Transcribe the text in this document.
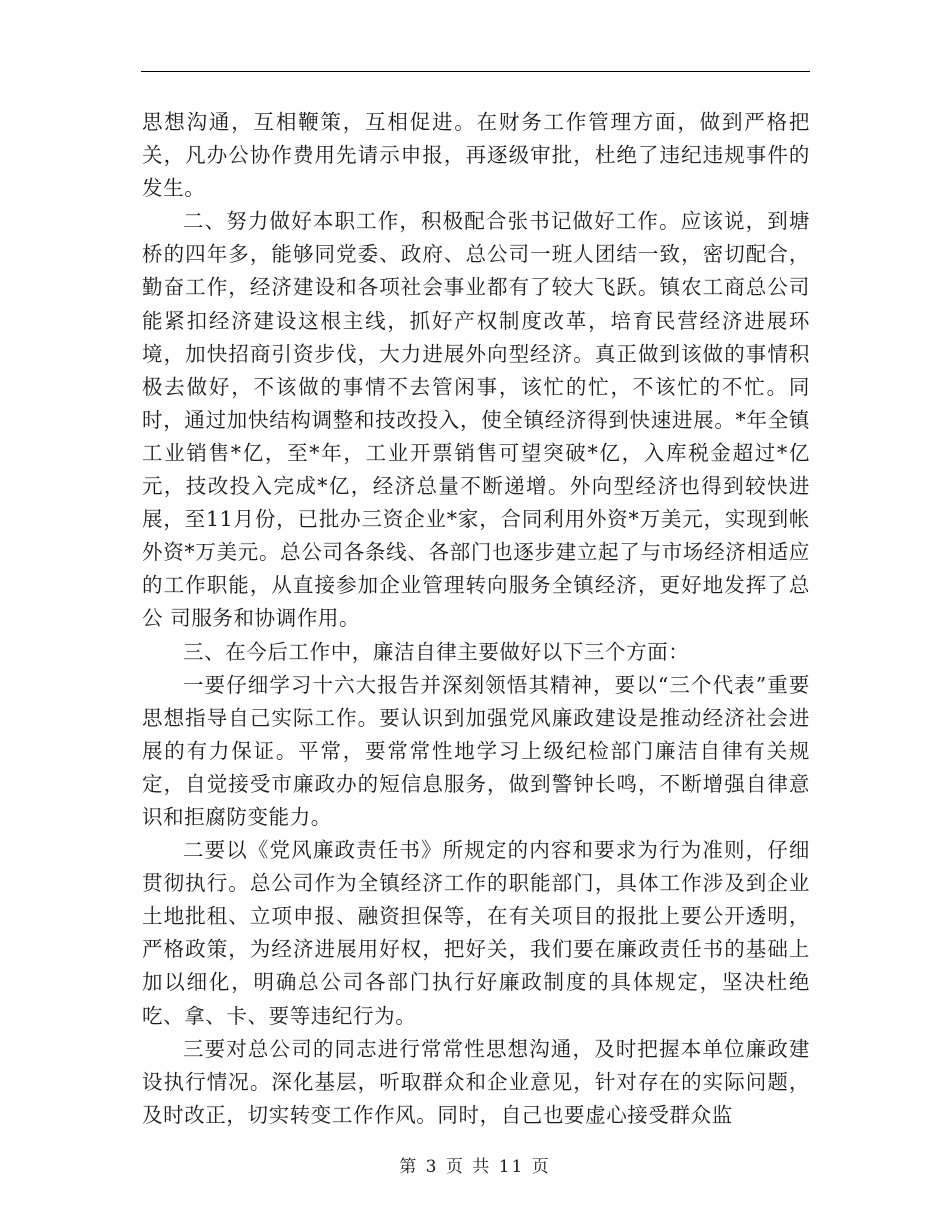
思想沟通，互相鞭策，互相促进。在财务工作管理方面，做到严格把关，凡办公协作费用先请示申报，再逐级审批，杜绝了违纪违规事件的发生。

二、努力做好本职工作，积极配合张书记做好工作。应该说，到塘桥的四年多，能够同党委、政府、总公司一班人团结一致，密切配合，勤奋工作，经济建设和各项社会事业都有了较大飞跃。镇农工商总公司能紧扣经济建设这根主线，抓好产权制度改革，培育民营经济进展环境，加快招商引资步伐，大力进展外向型经济。真正做到该做的事情积极去做好，不该做的事情不去管闲事，该忙的忙，不该忙的不忙。同时，通过加快结构调整和技改投入，使全镇经济得到快速进展。*年全镇工业销售*亿，至*年，工业开票销售可望突破*亿，入库税金超过*亿元，技改投入完成*亿，经济总量不断递增。外向型经济也得到较快进展，至11月份，已批办三资企业*家，合同利用外资*万美元，实现到帐外资*万美元。总公司各条线、各部门也逐步建立起了与市场经济相适应的工作职能，从直接参加企业管理转向服务全镇经济，更好地发挥了总公 司服务和协调作用。

三、在今后工作中，廉洁自律主要做好以下三个方面：

一要仔细学习十六大报告并深刻领悟其精神，要以“三个代表”重要思想指导自己实际工作。要认识到加强党风廉政建设是推动经济社会进展的有力保证。平常，要常常性地学习上级纪检部门廉洁自律有关规定，自觉接受市廉政办的短信息服务，做到警钟长鸣，不断增强自律意识和拒腐防变能力。

二要以《党风廉政责任书》所规定的内容和要求为行为准则，仔细贯彻执行。总公司作为全镇经济工作的职能部门，具体工作涉及到企业土地批租、立项申报、融资担保等，在有关项目的报批上要公开透明，严格政策，为经济进展用好权，把好关，我们要在廉政责任书的基础上加以细化，明确总公司各部门执行好廉政制度的具体规定，坚决杜绝吃、拿、卡、要等违纪行为。

三要对总公司的同志进行常常性思想沟通，及时把握本单位廉政建设执行情况。深化基层，听取群众和企业意见，针对存在的实际问题，及时改正，切实转变工作作风。同时，自己也要虚心接受群众监

第 3 页 共 11 页
